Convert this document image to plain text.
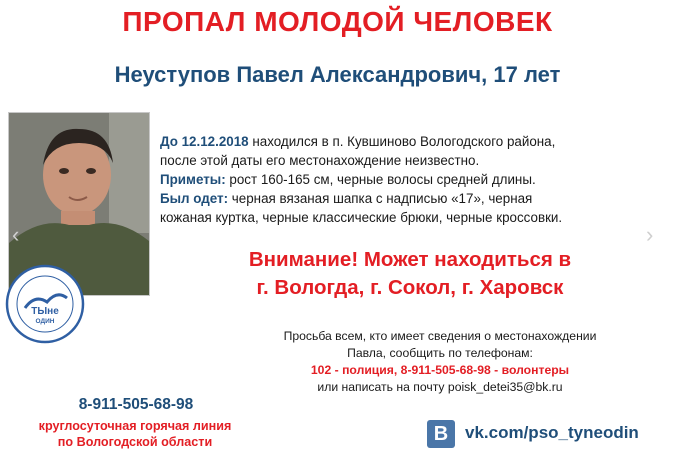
ПРОПАЛ МОЛОДОЙ ЧЕЛОВЕК
Неуступов Павел Александрович, 17 лет
ТЫне
ОДИН
‹	›

До 12.12.2018 находился в п. Кувшиново Вологодского района,

после этой даты его местонахождение неизвестно.

Приметы: рост 160-165 см, черные волосы средней длины.

Был одет: черная вязаная шапка с надписью «17», черная

кожаная куртка, черные классические брюки, черные кроссовки.

Внимание! Может находиться в
г. Вологда, г. Сокол, г. Харовск
Просьба всем, кто имеет сведения о местонахождении
Павла, сообщить по телефонам:
102 - полиция, 8-911-505-68-98 - волонтеры
или написать на почту poisk_detei35@bk.ru
8-911-505-68-98
круглосуточная горячая линия
по Вологодской области	В vk.com/pso_tyneodin
